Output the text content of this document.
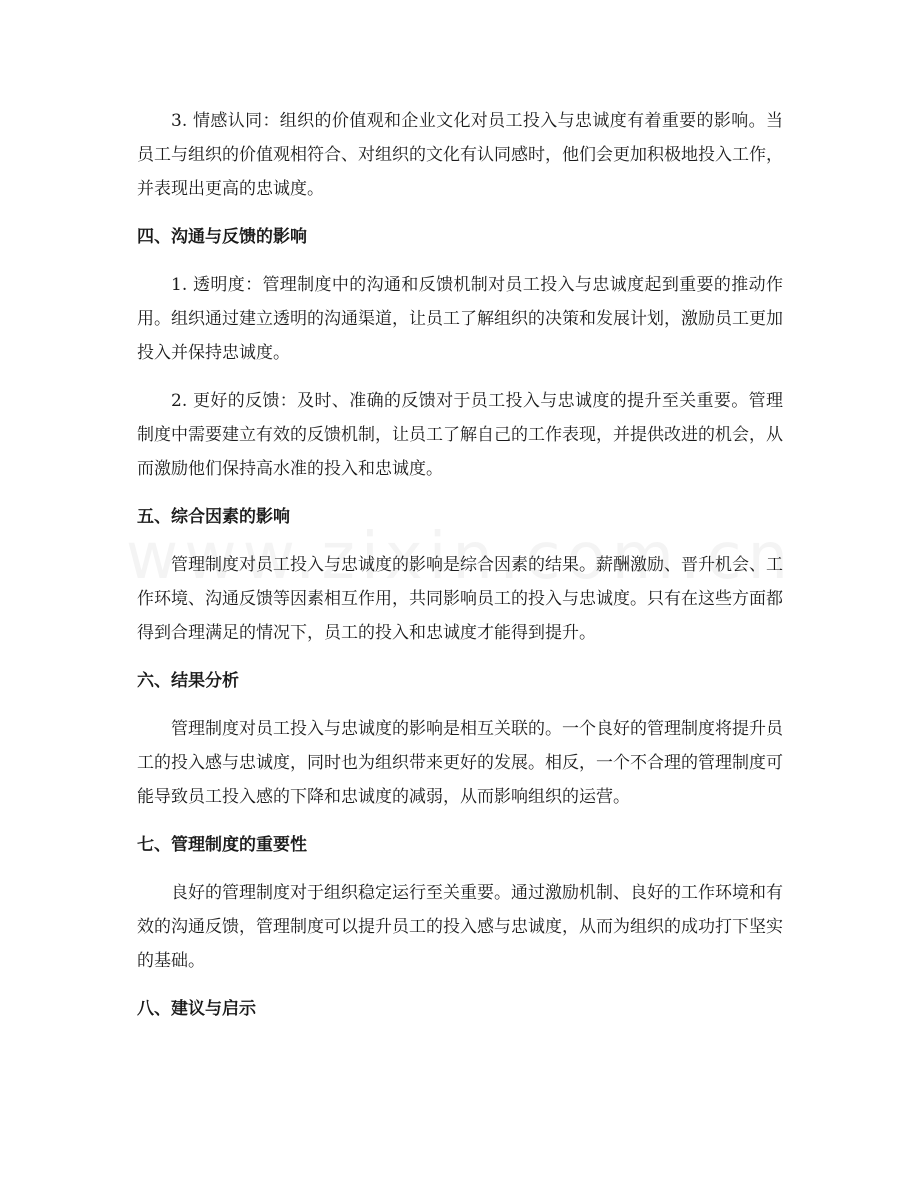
3. 情感认同：组织的价值观和企业文化对员工投入与忠诚度有着重要的影响。当员工与组织的价值观相符合、对组织的文化有认同感时，他们会更加积极地投入工作，并表现出更高的忠诚度。

四、沟通与反馈的影响

1. 透明度：管理制度中的沟通和反馈机制对员工投入与忠诚度起到重要的推动作用。组织通过建立透明的沟通渠道，让员工了解组织的决策和发展计划，激励员工更加投入并保持忠诚度。

2. 更好的反馈：及时、准确的反馈对于员工投入与忠诚度的提升至关重要。管理制度中需要建立有效的反馈机制，让员工了解自己的工作表现，并提供改进的机会，从而激励他们保持高水准的投入和忠诚度。

五、综合因素的影响

管理制度对员工投入与忠诚度的影响是综合因素的结果。薪酬激励、晋升机会、工作环境、沟通反馈等因素相互作用，共同影响员工的投入与忠诚度。只有在这些方面都得到合理满足的情况下，员工的投入和忠诚度才能得到提升。

六、结果分析

管理制度对员工投入与忠诚度的影响是相互关联的。一个良好的管理制度将提升员工的投入感与忠诚度，同时也为组织带来更好的发展。相反，一个不合理的管理制度可能导致员工投入感的下降和忠诚度的减弱，从而影响组织的运营。

七、管理制度的重要性

良好的管理制度对于组织稳定运行至关重要。通过激励机制、良好的工作环境和有效的沟通反馈，管理制度可以提升员工的投入感与忠诚度，从而为组织的成功打下坚实的基础。

八、建议与启示
